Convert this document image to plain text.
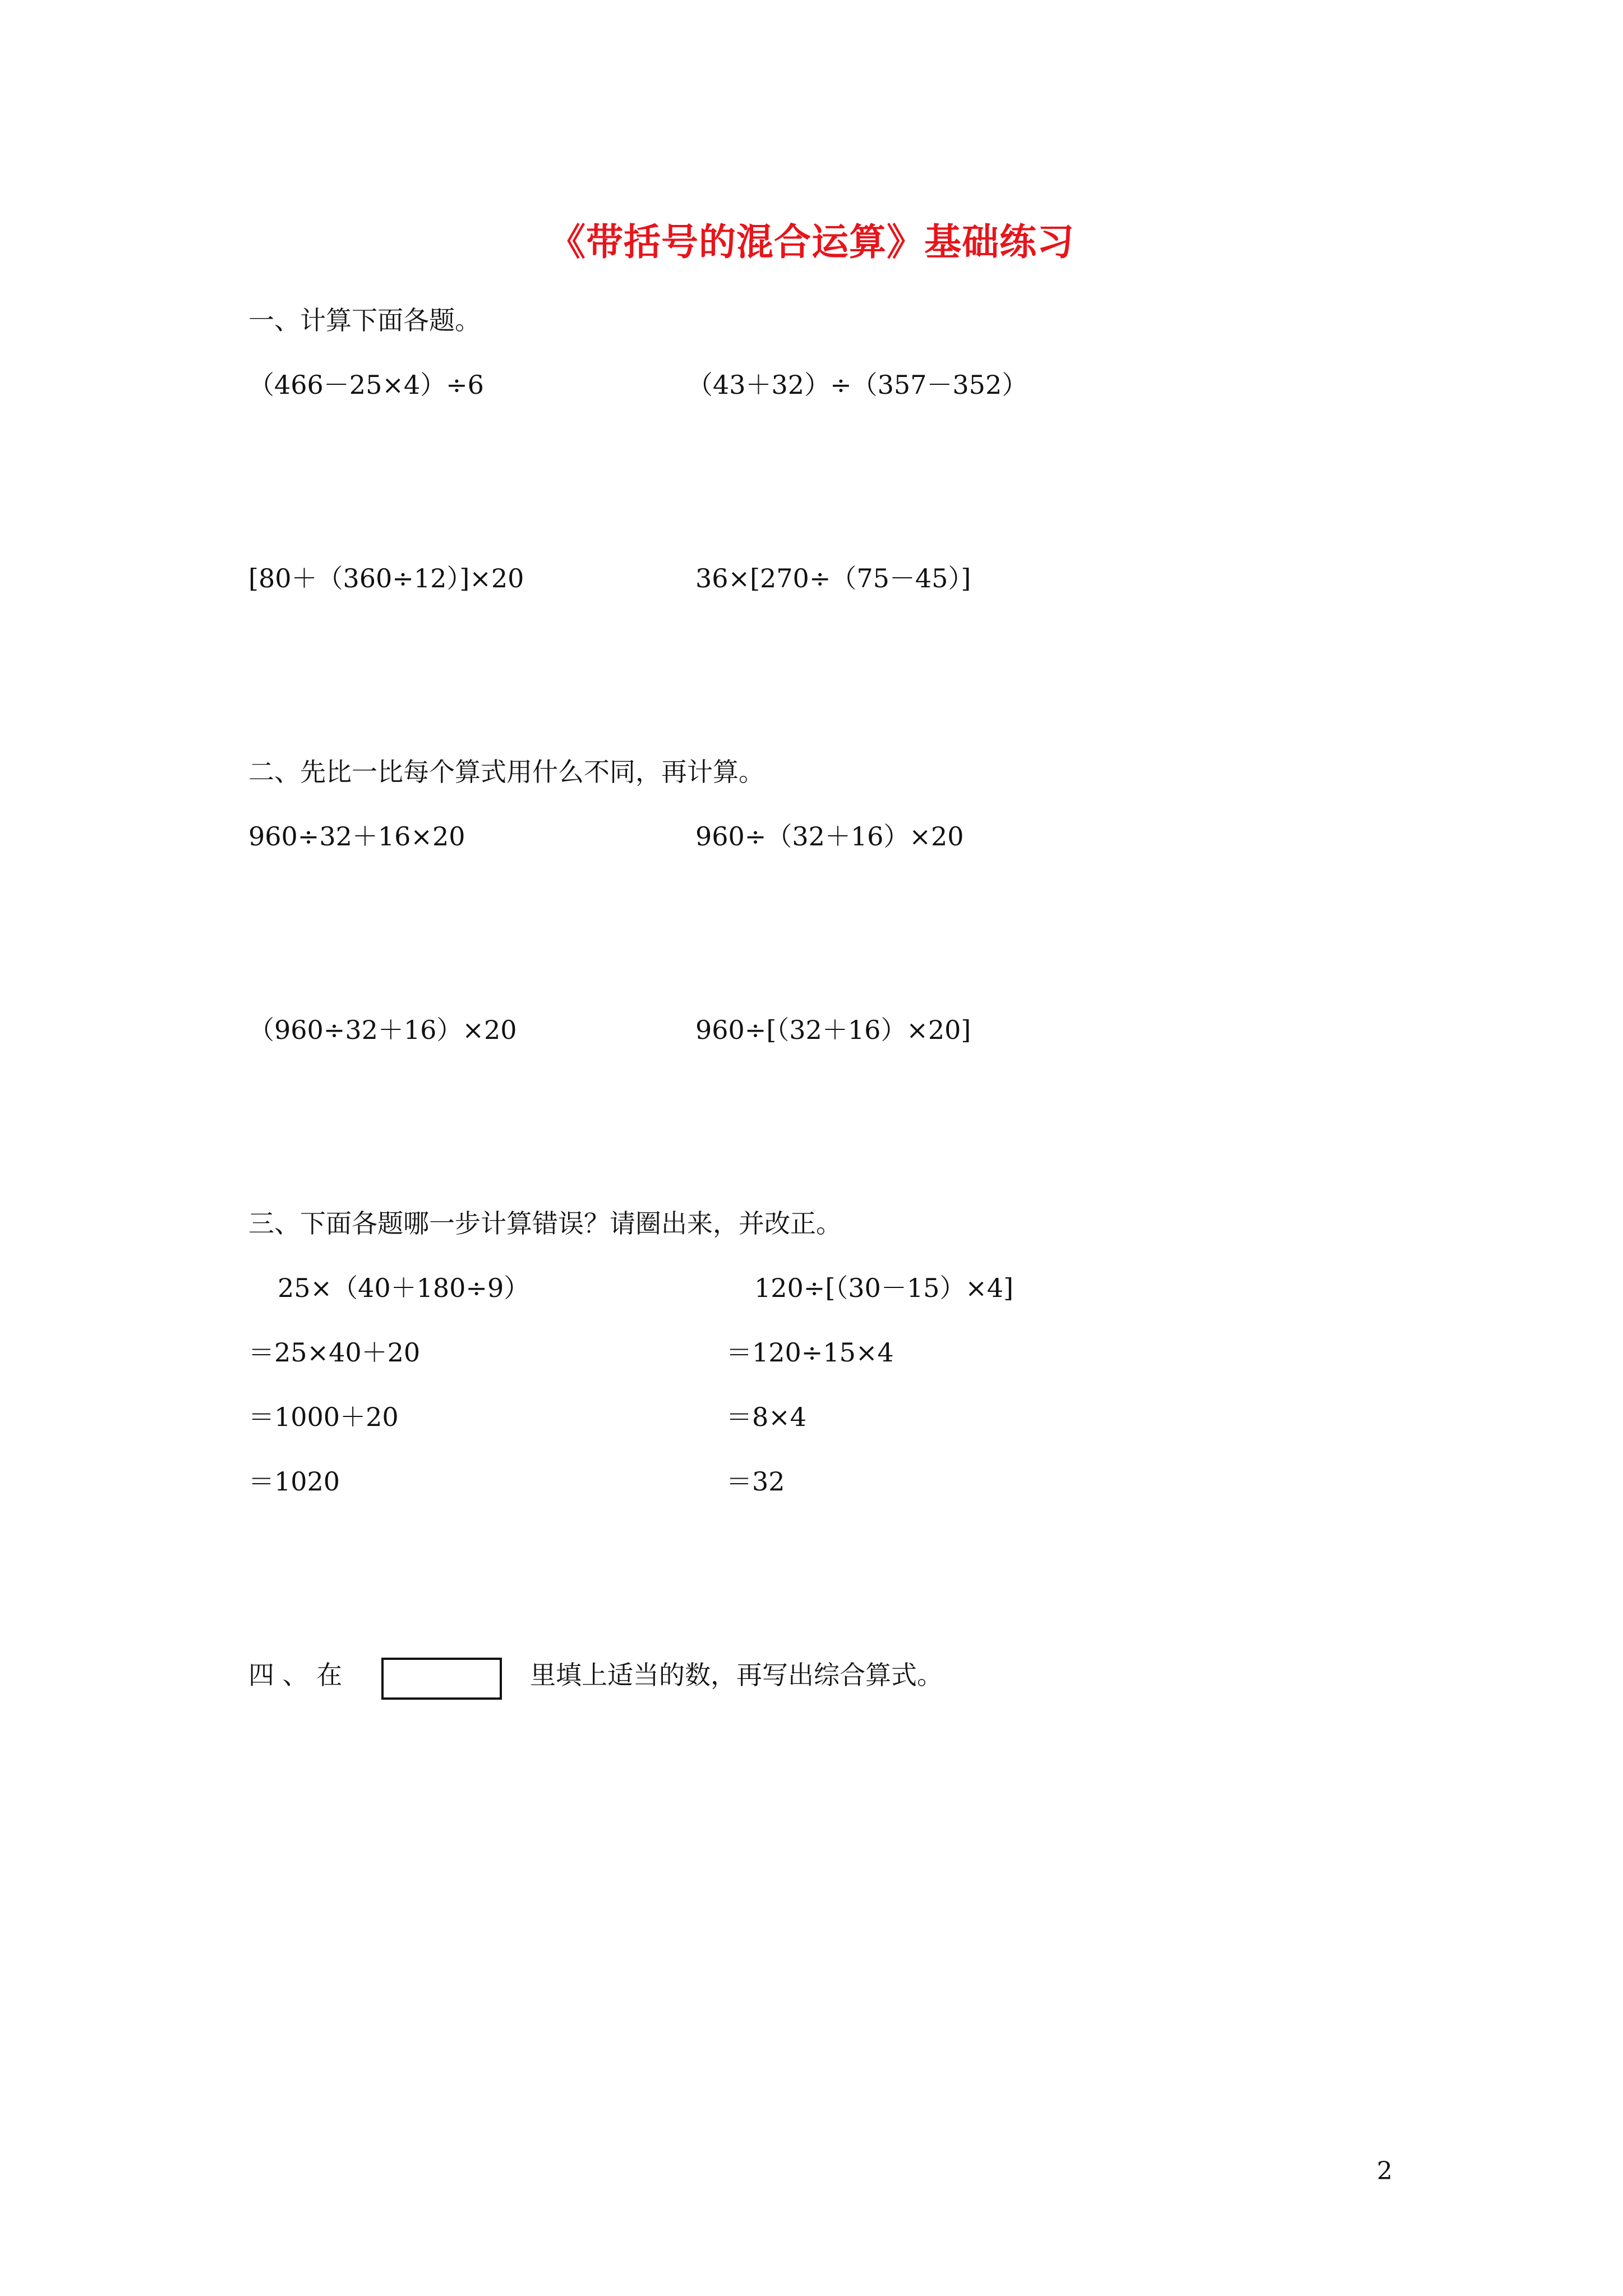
《带括号的混合运算》基础练习
一、计算下面各题。
（466－25×4）÷6	（43＋32）÷（357－352）
[80＋（360÷12）]×20	36×[270÷（75－45）]
二、先比一比每个算式用什么不同，再计算。
960÷32＋16×20	960÷（32＋16）×20
（960÷32＋16）×20	960÷[（32＋16）×20]
三、下面各题哪一步计算错误？请圈出来，并改正。
25×（40＋180÷9）
＝25×40＋20
＝1000＋20
＝1020
120÷[（30－15）×4]
＝120÷15×4
＝8×4
＝32
四 、 在	里填上适当的数，再写出综合算式。
2
